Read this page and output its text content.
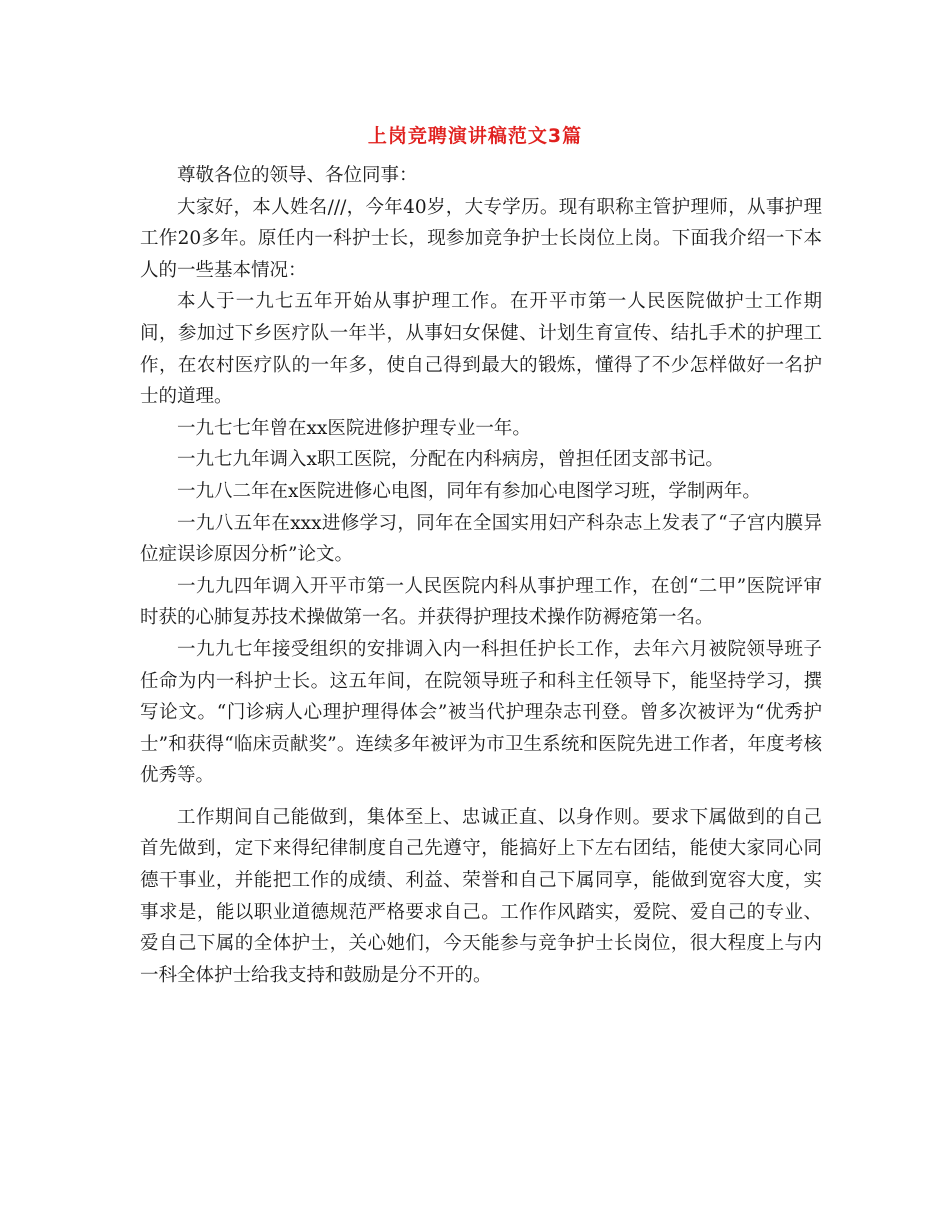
上岗竞聘演讲稿范文3篇

尊敬各位的领导、各位同事：

大家好，本人姓名///，今年40岁，大专学历。现有职称主管护理师，从事护理工作20多年。原任内一科护士长，现参加竞争护士长岗位上岗。下面我介绍一下本人的一些基本情况：

本人于一九七五年开始从事护理工作。在开平市第一人民医院做护士工作期间，参加过下乡医疗队一年半，从事妇女保健、计划生育宣传、结扎手术的护理工作，在农村医疗队的一年多，使自己得到最大的锻炼，懂得了不少怎样做好一名护士的道理。

一九七七年曾在xx医院进修护理专业一年。

一九七九年调入x职工医院，分配在内科病房，曾担任团支部书记。

一九八二年在x医院进修心电图，同年有参加心电图学习班，学制两年。

一九八五年在xxx进修学习，同年在全国实用妇产科杂志上发表了“子宫内膜异位症误诊原因分析”论文。

一九九四年调入开平市第一人民医院内科从事护理工作，在创“二甲”医院评审时获的心肺复苏技术操做第一名。并获得护理技术操作防褥疮第一名。

一九九七年接受组织的安排调入内一科担任护长工作，去年六月被院领导班子任命为内一科护士长。这五年间，在院领导班子和科主任领导下，能坚持学习，撰写论文。“门诊病人心理护理得体会”被当代护理杂志刊登。曾多次被评为“优秀护士”和获得“临床贡献奖”。连续多年被评为市卫生系统和医院先进工作者，年度考核优秀等。

工作期间自己能做到，集体至上、忠诚正直、以身作则。要求下属做到的自己首先做到，定下来得纪律制度自己先遵守，能搞好上下左右团结，能使大家同心同德干事业，并能把工作的成绩、利益、荣誉和自己下属同享，能做到宽容大度，实事求是，能以职业道德规范严格要求自己。工作作风踏实，爱院、爱自己的专业、爱自己下属的全体护士，关心她们，今天能参与竞争护士长岗位，很大程度上与内一科全体护士给我支持和鼓励是分不开的。
